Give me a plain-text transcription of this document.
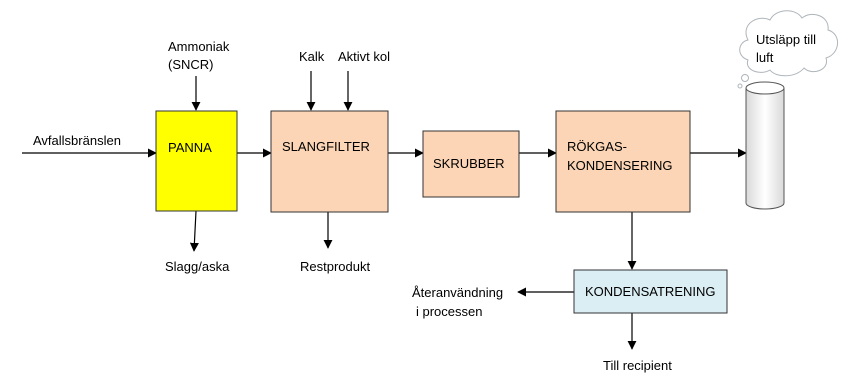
PANNA	SLANGFILTER
SKRUBBER
RÖKGAS-
KONDENSERING
KONDENSATRENING
Utsläpp till
luft
Avfallsbränslen
Ammoniak
(SNCR)
Kalk Aktivt kol
Slagg/aska	Restprodukt
Återanvändning
i processen
Till recipient
